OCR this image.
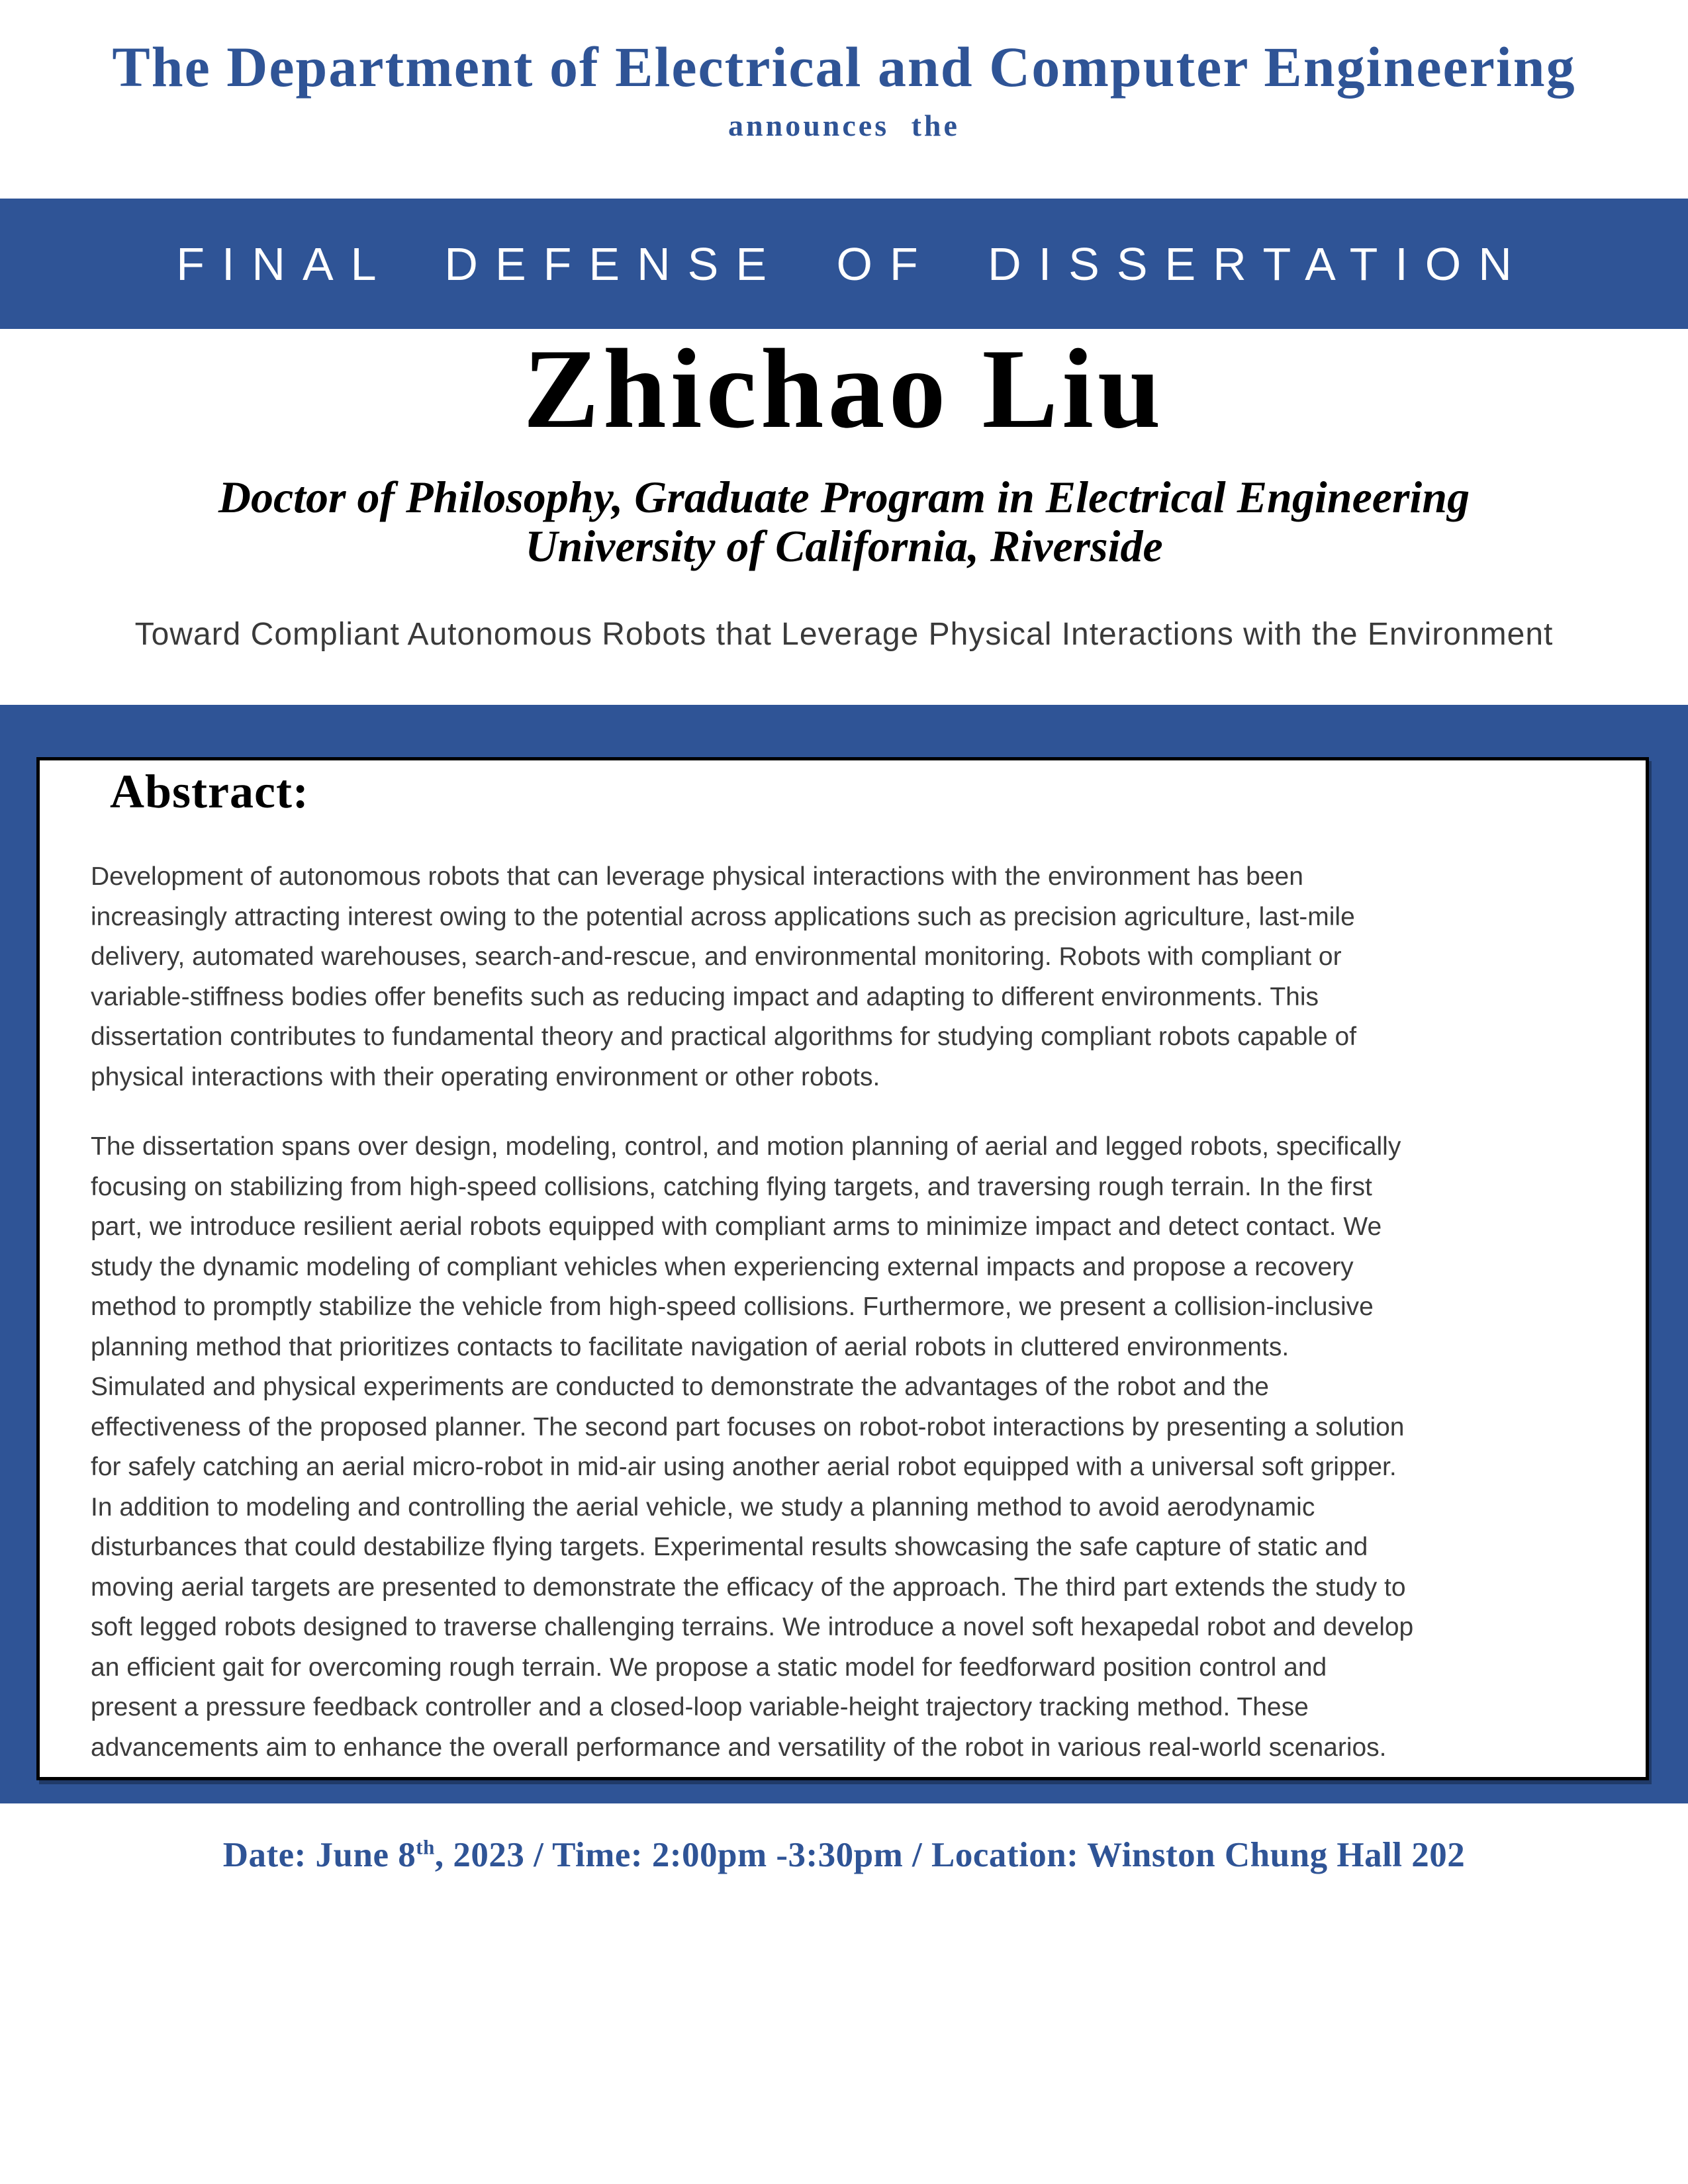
The Department of Electrical and Computer Engineering
announces the
FINAL DEFENSE OF DISSERTATION
Zhichao Liu
Doctor of Philosophy, Graduate Program in Electrical Engineering
University of California, Riverside
Toward Compliant Autonomous Robots that Leverage Physical Interactions with the Environment
Abstract:
Development of autonomous robots that can leverage physical interactions with the environment has been
increasingly attracting interest owing to the potential across applications such as precision agriculture, last-mile
delivery, automated warehouses, search-and-rescue, and environmental monitoring. Robots with compliant or
variable-stiffness bodies offer benefits such as reducing impact and adapting to different environments. This
dissertation contributes to fundamental theory and practical algorithms for studying compliant robots capable of
physical interactions with their operating environment or other robots.
The dissertation spans over design, modeling, control, and motion planning of aerial and legged robots, specifically
focusing on stabilizing from high-speed collisions, catching flying targets, and traversing rough terrain. In the first
part, we introduce resilient aerial robots equipped with compliant arms to minimize impact and detect contact. We
study the dynamic modeling of compliant vehicles when experiencing external impacts and propose a recovery
method to promptly stabilize the vehicle from high-speed collisions. Furthermore, we present a collision-inclusive
planning method that prioritizes contacts to facilitate navigation of aerial robots in cluttered environments.
Simulated and physical experiments are conducted to demonstrate the advantages of the robot and the
effectiveness of the proposed planner. The second part focuses on robot-robot interactions by presenting a solution
for safely catching an aerial micro-robot in mid-air using another aerial robot equipped with a universal soft gripper.
In addition to modeling and controlling the aerial vehicle, we study a planning method to avoid aerodynamic
disturbances that could destabilize flying targets. Experimental results showcasing the safe capture of static and
moving aerial targets are presented to demonstrate the efficacy of the approach. The third part extends the study to
soft legged robots designed to traverse challenging terrains. We introduce a novel soft hexapedal robot and develop
an efficient gait for overcoming rough terrain. We propose a static model for feedforward position control and
present a pressure feedback controller and a closed-loop variable-height trajectory tracking method. These
advancements aim to enhance the overall performance and versatility of the robot in various real-world scenarios.
Date: June 8th, 2023 / Time: 2:00pm -3:30pm / Location: Winston Chung Hall 202
